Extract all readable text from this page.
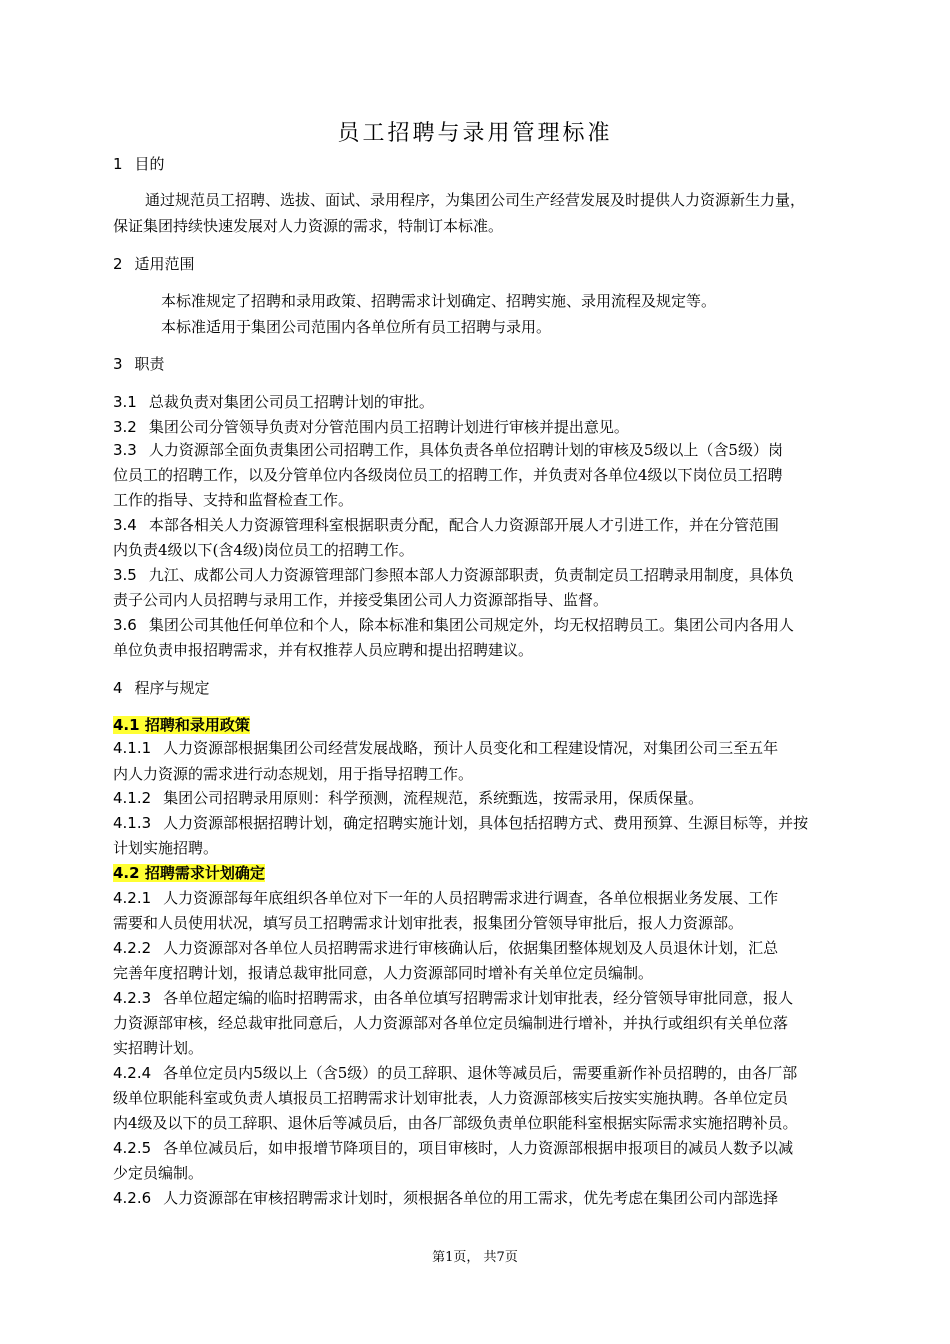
员工招聘与录用管理标准
1 目的
通过规范员工招聘、选拔、面试、录用程序，为集团公司生产经营发展及时提供人力资源新生力量，
保证集团持续快速发展对人力资源的需求，特制订本标准。
2 适用范围
本标准规定了招聘和录用政策、招聘需求计划确定、招聘实施、录用流程及规定等。
本标准适用于集团公司范围内各单位所有员工招聘与录用。
3 职责
3.1 总裁负责对集团公司员工招聘计划的审批。
3.2 集团公司分管领导负责对分管范围内员工招聘计划进行审核并提出意见。
3.3 人力资源部全面负责集团公司招聘工作，具体负责各单位招聘计划的审核及5级以上（含5级）岗
位员工的招聘工作，以及分管单位内各级岗位员工的招聘工作，并负责对各单位4级以下岗位员工招聘
工作的指导、支持和监督检查工作。
3.4 本部各相关人力资源管理科室根据职责分配，配合人力资源部开展人才引进工作，并在分管范围
内负责4级以下(含4级)岗位员工的招聘工作。
3.5 九江、成都公司人力资源管理部门参照本部人力资源部职责，负责制定员工招聘录用制度，具体负
责子公司内人员招聘与录用工作，并接受集团公司人力资源部指导、监督。
3.6 集团公司其他任何单位和个人，除本标准和集团公司规定外，均无权招聘员工。集团公司内各用人
单位负责申报招聘需求，并有权推荐人员应聘和提出招聘建议。
4 程序与规定
4.1 招聘和录用政策
4.1.1 人力资源部根据集团公司经营发展战略，预计人员变化和工程建设情况，对集团公司三至五年
内人力资源的需求进行动态规划，用于指导招聘工作。
4.1.2 集团公司招聘录用原则：科学预测，流程规范，系统甄选，按需录用，保质保量。
4.1.3 人力资源部根据招聘计划，确定招聘实施计划，具体包括招聘方式、费用预算、生源目标等，并按
计划实施招聘。
4.2 招聘需求计划确定
4.2.1 人力资源部每年底组织各单位对下一年的人员招聘需求进行调查，各单位根据业务发展、工作
需要和人员使用状况，填写员工招聘需求计划审批表，报集团分管领导审批后，报人力资源部。
4.2.2 人力资源部对各单位人员招聘需求进行审核确认后，依据集团整体规划及人员退休计划，汇总
完善年度招聘计划，报请总裁审批同意，人力资源部同时增补有关单位定员编制。
4.2.3 各单位超定编的临时招聘需求，由各单位填写招聘需求计划审批表，经分管领导审批同意，报人
力资源部审核，经总裁审批同意后，人力资源部对各单位定员编制进行增补，并执行或组织有关单位落
实招聘计划。
4.2.4 各单位定员内5级以上（含5级）的员工辞职、退休等减员后，需要重新作补员招聘的，由各厂部
级单位职能科室或负责人填报员工招聘需求计划审批表，人力资源部核实后按实实施执聘。各单位定员
内4级及以下的员工辞职、退休后等减员后，由各厂部级负责单位职能科室根据实际需求实施招聘补员。
4.2.5 各单位减员后，如申报增节降项目的，项目审核时，人力资源部根据申报项目的减员人数予以减
少定员编制。
4.2.6 人力资源部在审核招聘需求计划时，须根据各单位的用工需求，优先考虑在集团公司内部选择
第1页， 共7页
